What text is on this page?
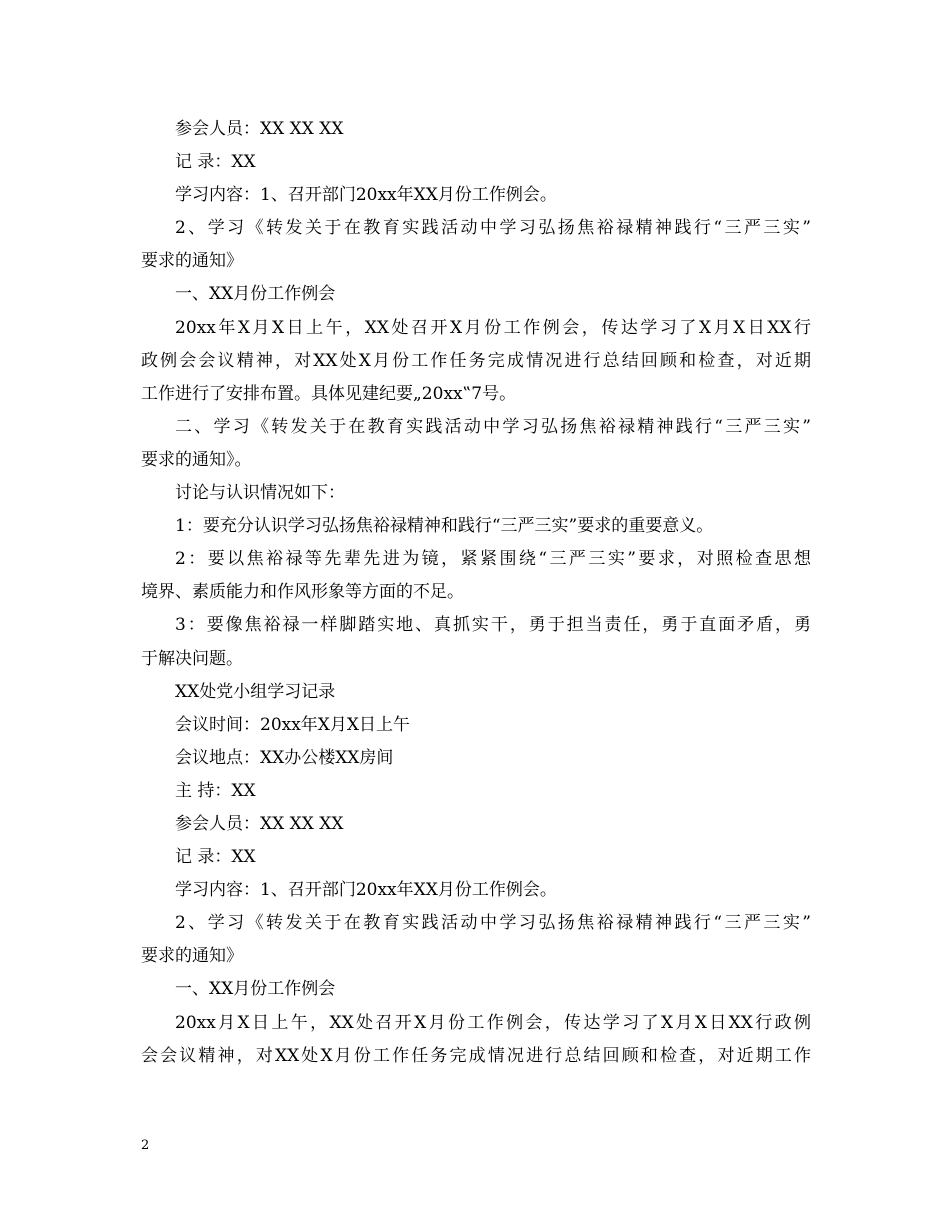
参会人员：XX XX XX
记 录：XX
学习内容：1、召开部门20xx年XX月份工作例会。
2、学习《转发关于在教育实践活动中学习弘扬焦裕禄精神践行“三严三实”
要求的通知》
一、XX月份工作例会
20xx年X月X日上午，XX处召开X月份工作例会，传达学习了X月X日XX行
政例会会议精神，对XX处X月份工作任务完成情况进行总结回顾和检查，对近期
工作进行了安排布置。具体见建纪要„20xx‟7号。
二、学习《转发关于在教育实践活动中学习弘扬焦裕禄精神践行“三严三实”
要求的通知》。
讨论与认识情况如下：
1：要充分认识学习弘扬焦裕禄精神和践行“三严三实”要求的重要意义。
2：要以焦裕禄等先辈先进为镜，紧紧围绕“三严三实”要求，对照检查思想
境界、素质能力和作风形象等方面的不足。
3：要像焦裕禄一样脚踏实地、真抓实干，勇于担当责任，勇于直面矛盾，勇
于解决问题。
XX处党小组学习记录
会议时间：20xx年X月X日上午
会议地点：XX办公楼XX房间
主 持：XX
参会人员：XX XX XX
记 录：XX
学习内容：1、召开部门20xx年XX月份工作例会。
2、学习《转发关于在教育实践活动中学习弘扬焦裕禄精神践行“三严三实”
要求的通知》
一、XX月份工作例会
20xx月X日上午，XX处召开X月份工作例会，传达学习了X月X日XX行政例
会会议精神，对XX处X月份工作任务完成情况进行总结回顾和检查，对近期工作
2
